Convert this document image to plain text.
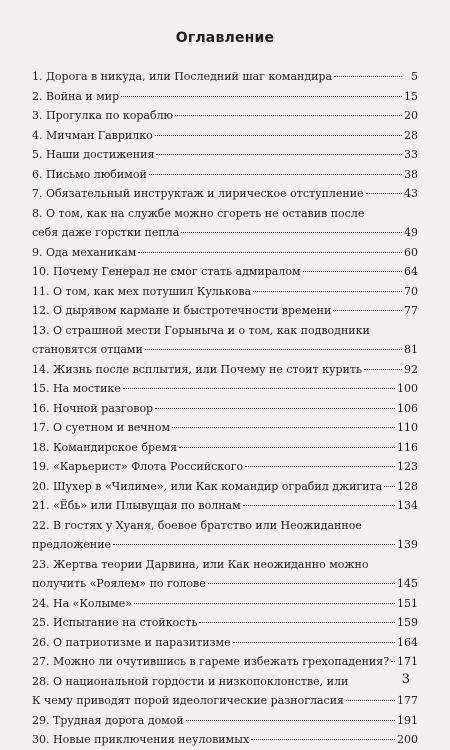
Оглавление
1. Дорога в никуда, или Последний шаг командира	5
2. Война и мир	15
3. Прогулка по кораблю	20
4. Мичман Гаврилко	28
5. Наши достижения	33
6. Письмо любимой	38
7. Обязательный инструктаж и лирическое отступление	43
8. О том, как на службе можно сгореть не оставив после
себя даже горстки пепла	49
9. Ода механикам	60
10. Почему Генерал не смог стать адмиралом	64
11. О том, как мех потушил Кулькова	70
12. О дырявом кармане и быстротечности времени	77
13. О страшной мести Горыныча и о том, как подводники
становятся отцами	81
14. Жизнь после всплытия, или Почему не стоит курить	92
15. На мостике	100
16. Ночной разговор	106
17. О суетном и вечном	110
18. Командирское бремя	116
19. «Карьерист» Флота Российского	123
20. Шухер в «Чилиме», или Как командир ограбил джигита 128
21. «Ёбь» или Плывущая по волнам	134
22. В гостях у Хуаня, боевое братство или Неожиданное
предложение	139
23. Жертва теории Дарвина, или Как неожиданно можно
получить «Роялем» по голове	145
24. На «Колыме»	151
25. Испытание на стойкость	159
26. О патриотизме и паразитизме	164
27. Можно ли очутившись в гареме избежать грехопадения? 171
28. О национальной гордости и низкопоклонстве, или
К чему приводят порой идеологические разногласия	177
29. Трудная дорога домой	191
30. Новые приключения неуловимых	200
3
